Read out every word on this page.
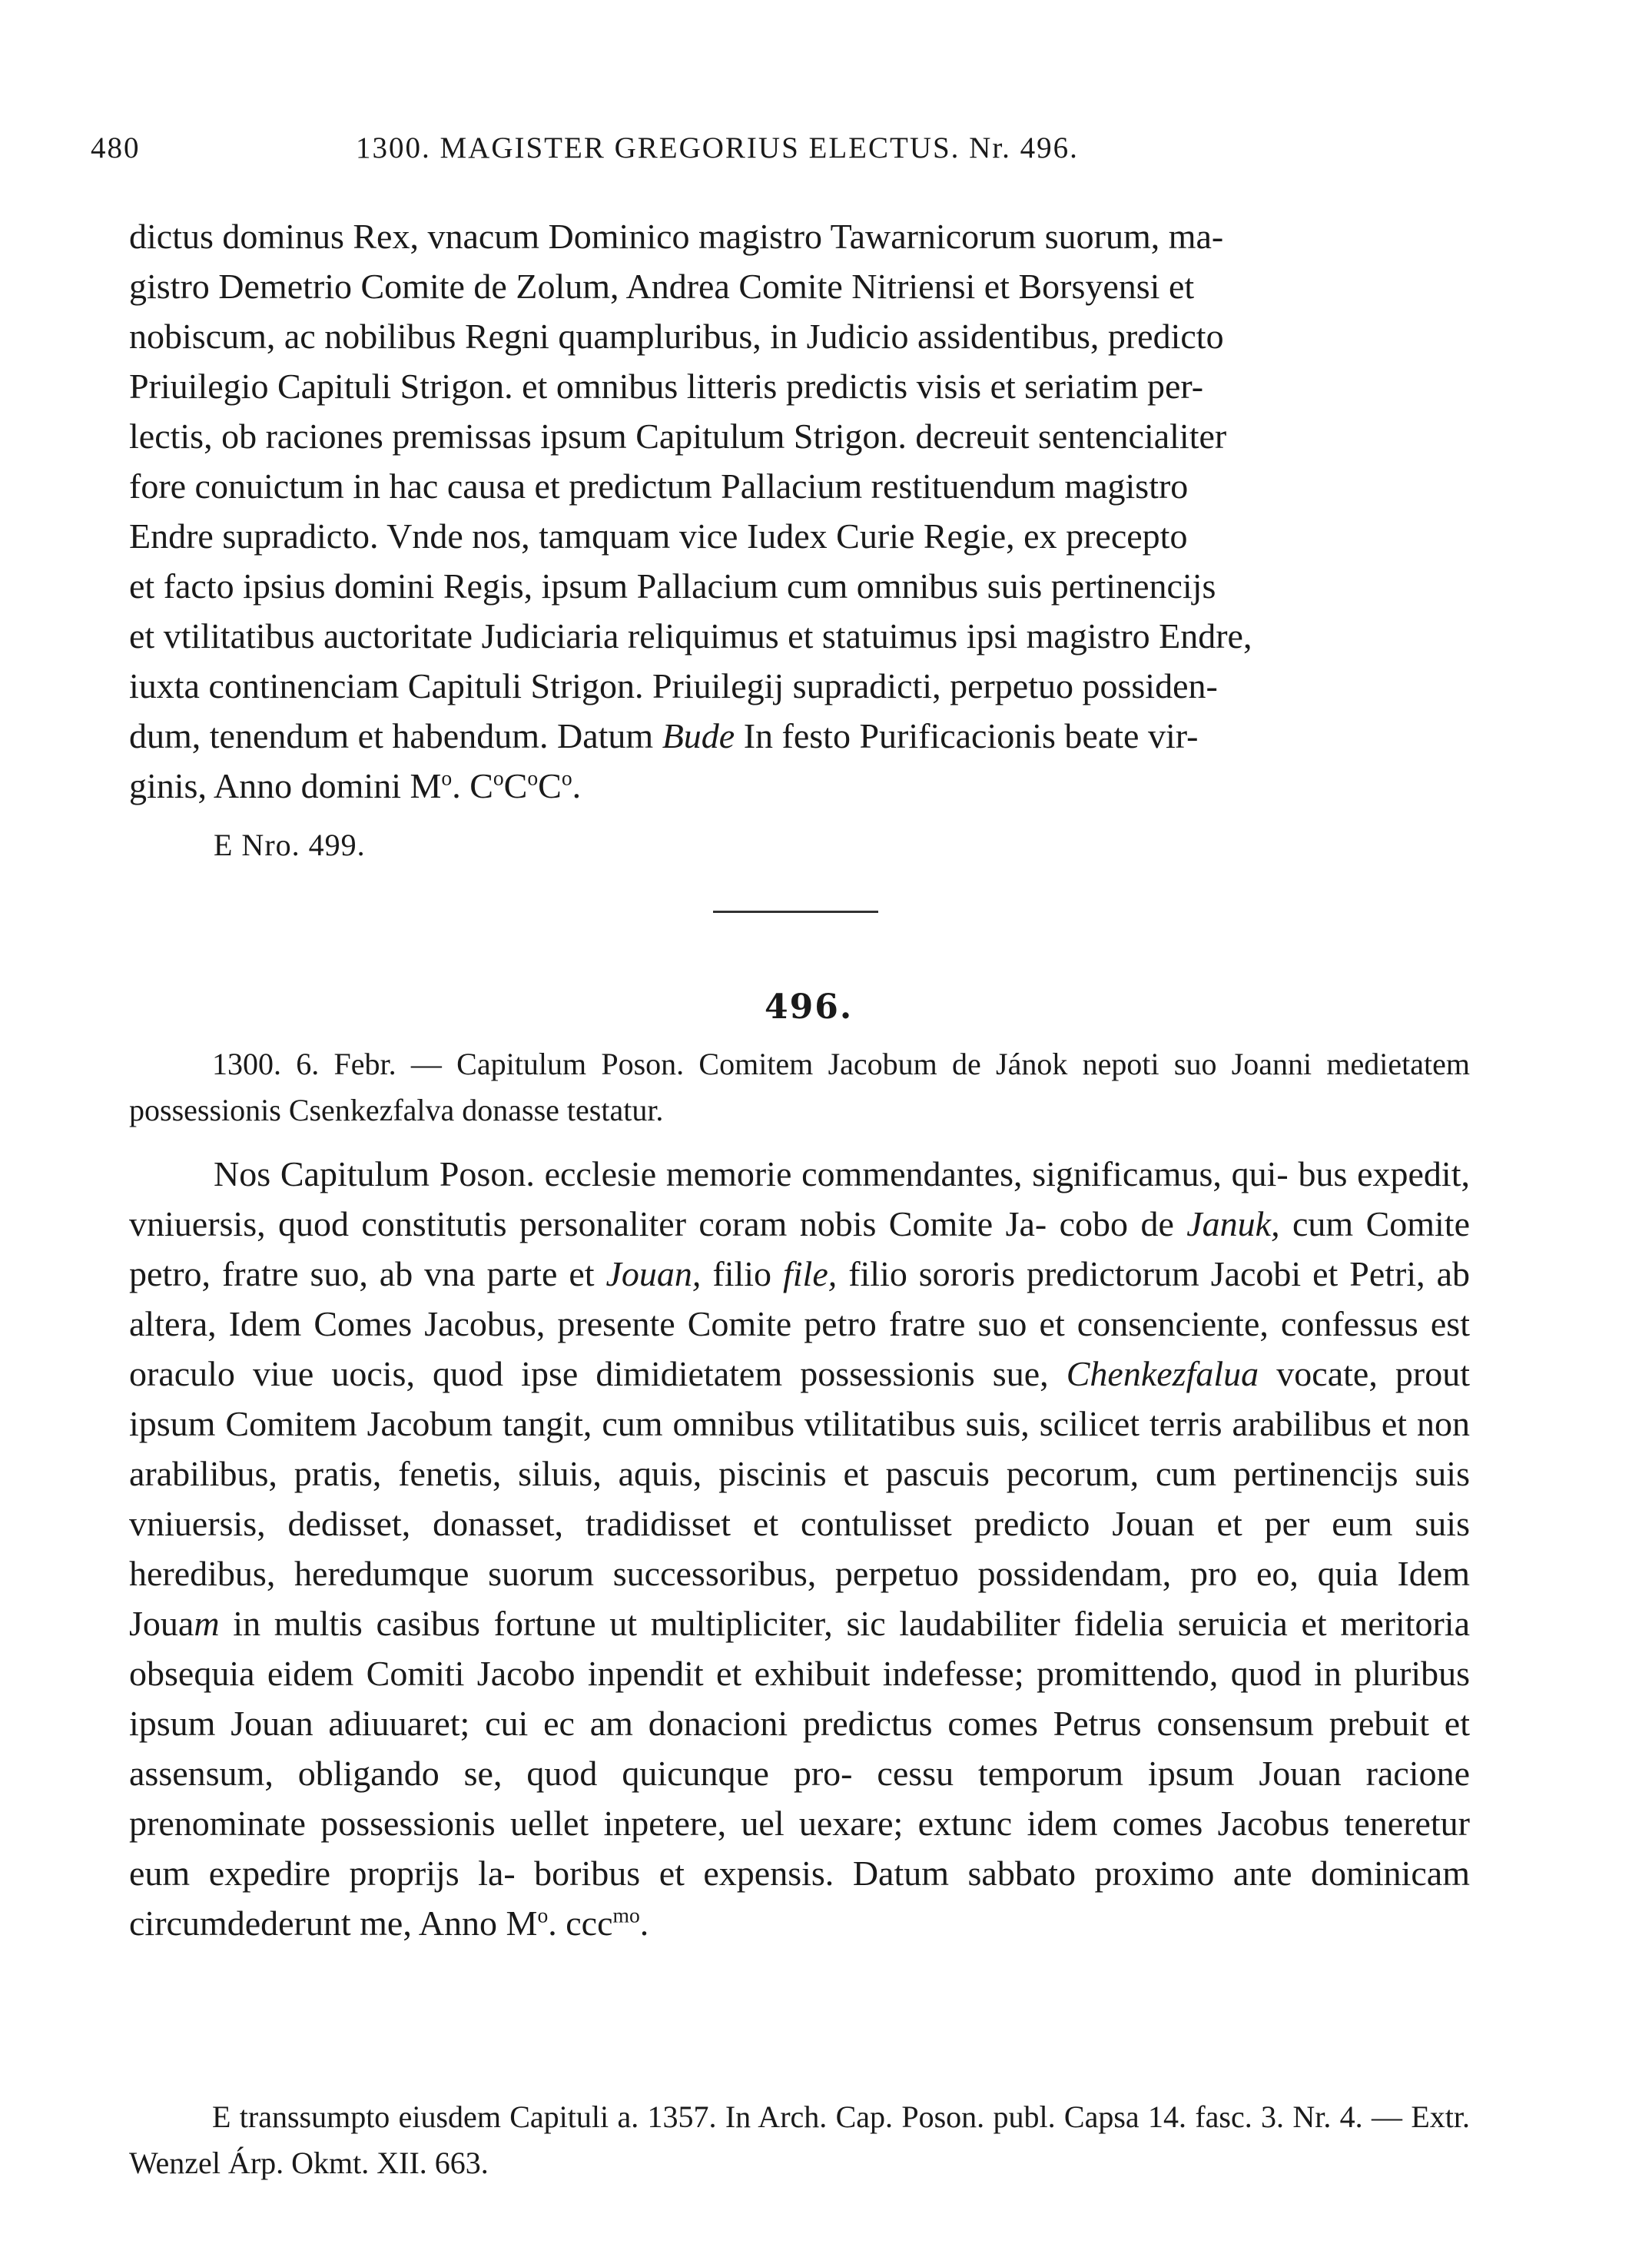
480	1300. MAGISTER GREGORIUS ELECTUS. Nr. 496.

dictus dominus Rex, vnacum Dominico magistro Tawarnicorum suorum, ma-
gistro Demetrio Comite de Zolum, Andrea Comite Nitriensi et Borsyensi et
nobiscum, ac nobilibus Regni quampluribus, in Judicio assidentibus, predicto
Priuilegio Capituli Strigon. et omnibus litteris predictis visis et seriatim per-
lectis, ob raciones premissas ipsum Capitulum Strigon. decreuit sentencialiter
fore conuictum in hac causa et predictum Pallacium restituendum magistro
Endre supradicto. Vnde nos, tamquam vice Iudex Curie Regie, ex precepto
et facto ipsius domini Regis, ipsum Pallacium cum omnibus suis pertinencijs
et vtilitatibus auctoritate Judiciaria reliquimus et statuimus ipsi magistro Endre,
iuxta continenciam Capituli Strigon. Priuilegij supradicti, perpetuo possiden-
dum, tenendum et habendum. Datum Bude In festo Purificacionis beate vir-
ginis, Anno domini $M^o$. $C^oC^oC^o$.

E Nro. 499.
496.
1300. 6. Febr. — Capitulum Poson. Comitem Jacobum de Jánok nepoti suo Joanni medietatem possessionis Csenkezfalva donasse testatur.

Nos Capitulum Poson. ecclesie memorie commendantes, significamus, qui- bus expedit, vniuersis, quod constitutis personaliter coram nobis Comite Ja- cobo de Januk, cum Comite petro, fratre suo, ab vna parte et Jouan, filio file, filio sororis predictorum Jacobi et Petri, ab altera, Idem Comes Jacobus, presente Comite petro fratre suo et consenciente, confessus est oraculo viue uocis, quod ipse dimidietatem possessionis sue, Chenkezfalua vocate, prout ipsum Comitem Jacobum tangit, cum omnibus vtilitatibus suis, scilicet terris arabilibus et non arabilibus, pratis, fenetis, siluis, aquis, piscinis et pascuis pecorum, cum pertinencijs suis vniuersis, dedisset, donasset, tradidisset et contulisset predicto Jouan et per eum suis heredibus, heredumque suorum successoribus, perpetuo possidendam, pro eo, quia Idem Jouam in multis casibus fortune ut multipliciter, sic laudabiliter fidelia seruicia et meritoria obsequia eidem Comiti Jacobo inpendit et exhibuit indefesse; promittendo, quod in pluribus ipsum Jouan adiuuaret; cui ec am donacioni predictus comes Petrus consensum prebuit et assensum, obligando se, quod quicunque pro- cessu temporum ipsum Jouan racione prenominate possessionis uellet inpetere, uel uexare; extunc idem comes Jacobus teneretur eum expedire proprijs la- boribus et expensis. Datum sabbato proximo ante dominicam circumdederunt me, Anno $M^o$. ccc$^{mo}$.

E transsumpto eiusdem Capituli a. 1357. In Arch. Cap. Poson. publ. Capsa 14. fasc. 3. Nr. 4. — Extr. Wenzel Árp. Okmt. XII. 663.
